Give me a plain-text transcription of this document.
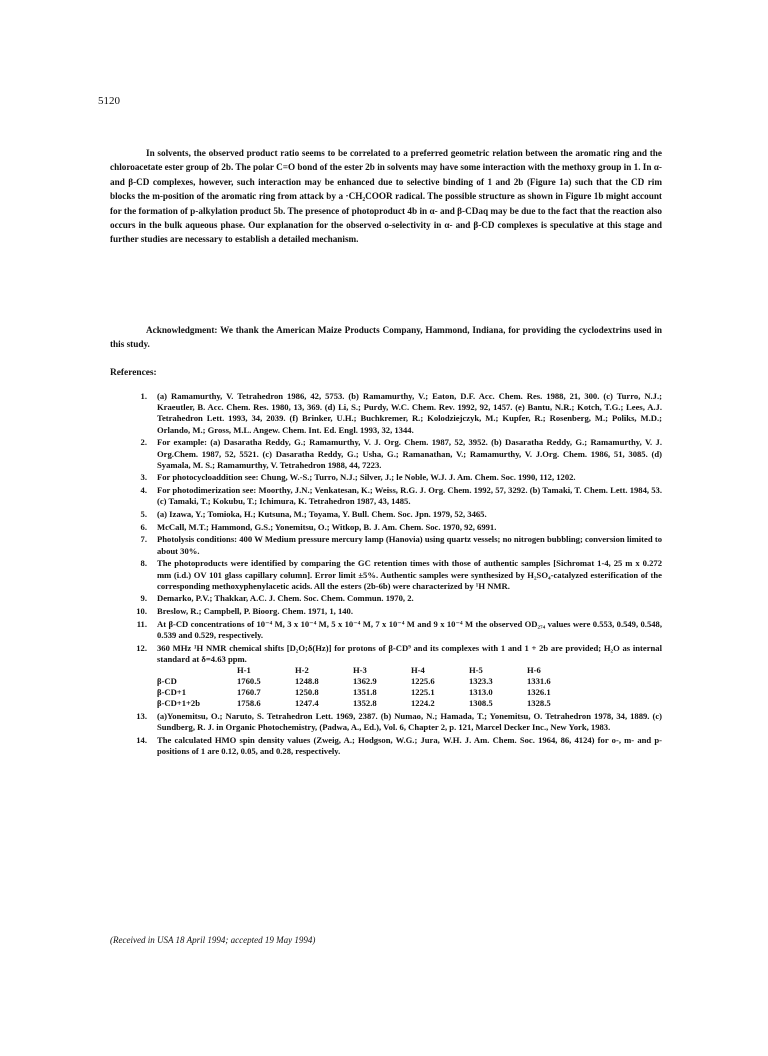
5120
In solvents, the observed product ratio seems to be correlated to a preferred geometric relation between the aromatic ring and the chloroacetate ester group of 2b. The polar C=O bond of the ester 2b in solvents may have some interaction with the methoxy group in 1. In α- and β-CD complexes, however, such interaction may be enhanced due to selective binding of 1 and 2b (Figure 1a) such that the CD rim blocks the m-position of the aromatic ring from attack by a ·CH₂COOR radical. The possible structure as shown in Figure 1b might account for the formation of p-alkylation product 5b. The presence of photoproduct 4b in α- and β-CDaq may be due to the fact that the reaction also occurs in the bulk aqueous phase. Our explanation for the observed o-selectivity in α- and β-CD complexes is speculative at this stage and further studies are necessary to establish a detailed mechanism.
Acknowledgment: We thank the American Maize Products Company, Hammond, Indiana, for providing the cyclodextrins used in this study.
References:
1.	(a) Ramamurthy, V. Tetrahedron 1986, 42, 5753. (b) Ramamurthy, V.; Eaton, D.F. Acc. Chem. Res. 1988, 21, 300. (c) Turro, N.J.; Kraeutler, B. Acc. Chem. Res. 1980, 13, 369. (d) Li, S.; Purdy, W.C. Chem. Rev. 1992, 92, 1457. (e) Bantu, N.R.; Kotch, T.G.; Lees, A.J. Tetrahedron Lett. 1993, 34, 2039. (f) Brinker, U.H.; Buchkremer, R.; Kolodziejczyk, M.; Kupfer, R.; Rosenberg, M.; Poliks, M.D.; Orlando, M.; Gross, M.L. Angew. Chem. Int. Ed. Engl. 1993, 32, 1344.
2.	For example: (a) Dasaratha Reddy, G.; Ramamurthy, V. J. Org. Chem. 1987, 52, 3952. (b) Dasaratha Reddy, G.; Ramamurthy, V. J. Org.Chem. 1987, 52, 5521. (c) Dasaratha Reddy, G.; Usha, G.; Ramanathan, V.; Ramamurthy, V. J.Org. Chem. 1986, 51, 3085. (d) Syamala, M. S.; Ramamurthy, V. Tetrahedron 1988, 44, 7223.
3.	For photocycloaddition see: Chung, W.-S.; Turro, N.J.; Silver, J.; le Noble, W.J. J. Am. Chem. Soc. 1990, 112, 1202.
4.	For photodimerization see: Moorthy, J.N.; Venkatesan, K.; Weiss, R.G. J. Org. Chem. 1992, 57, 3292. (b) Tamaki, T. Chem. Lett. 1984, 53. (c) Tamaki, T.; Kokubu, T.; Ichimura, K. Tetrahedron 1987, 43, 1485.
5.	(a) Izawa, Y.; Tomioka, H.; Kutsuna, M.; Toyama, Y. Bull. Chem. Soc. Jpn. 1979, 52, 3465.
6.	McCall, M.T.; Hammond, G.S.; Yonemitsu, O.; Witkop, B. J. Am. Chem. Soc. 1970, 92, 6991.
7.	Photolysis conditions: 400 W Medium pressure mercury lamp (Hanovia) using quartz vessels; no nitrogen bubbling; conversion limited to about 30%.
8.	The photoproducts were identified by comparing the GC retention times with those of authentic samples [Sichromat 1-4, 25 m x 0.272 mm (i.d.) OV 101 glass capillary column]. Error limit ±5%. Authentic samples were synthesized by H₂SO₄-catalyzed esterification of the corresponding methoxyphenylacetic acids. All the esters (2b-6b) were characterized by ¹H NMR.
9.	Demarko, P.V.; Thakkar, A.C. J. Chem. Soc. Chem. Commun. 1970, 2.
10.	Breslow, R.; Campbell, P. Bioorg. Chem. 1971, 1, 140.
11.	At β-CD concentrations of 10⁻⁴ M, 3 x 10⁻⁴ M, 5 x 10⁻⁴ M, 7 x 10⁻⁴ M and 9 x 10⁻⁴ M the observed OD₂₇₄ values were 0.553, 0.549, 0.548, 0.539 and 0.529, respectively.
12.	360 MHz ¹H NMR chemical shifts [D₂O;δ(Hz)] for protons of β-CD⁹ and its complexes with 1 and 1 + 2b are provided; H₂O as internal standard at δ=4.63 ppm.
	H-1	H-2	H-3	H-4	H-5	H-6
β-CD	1760.5	1248.8	1362.9	1225.6	1323.3	1331.6
β-CD+1	1760.7	1250.8	1351.8	1225.1	1313.0	1326.1
β-CD+1+2b	1758.6	1247.4	1352.8	1224.2	1308.5	1328.5
13.	(a)Yonemitsu, O.; Naruto, S. Tetrahedron Lett. 1969, 2387. (b) Numao, N.; Hamada, T.; Yonemitsu, O. Tetrahedron 1978, 34, 1889. (c) Sundberg, R. J. in Organic Photochemistry, (Padwa, A., Ed.), Vol. 6, Chapter 2, p. 121, Marcel Decker Inc., New York, 1983.
14.	The calculated HMO spin density values (Zweig, A.; Hodgson, W.G.; Jura, W.H. J. Am. Chem. Soc. 1964, 86, 4124) for o-, m- and p- positions of 1 are 0.12, 0.05, and 0.28, respectively.
(Received in USA 18 April 1994; accepted 19 May 1994)
